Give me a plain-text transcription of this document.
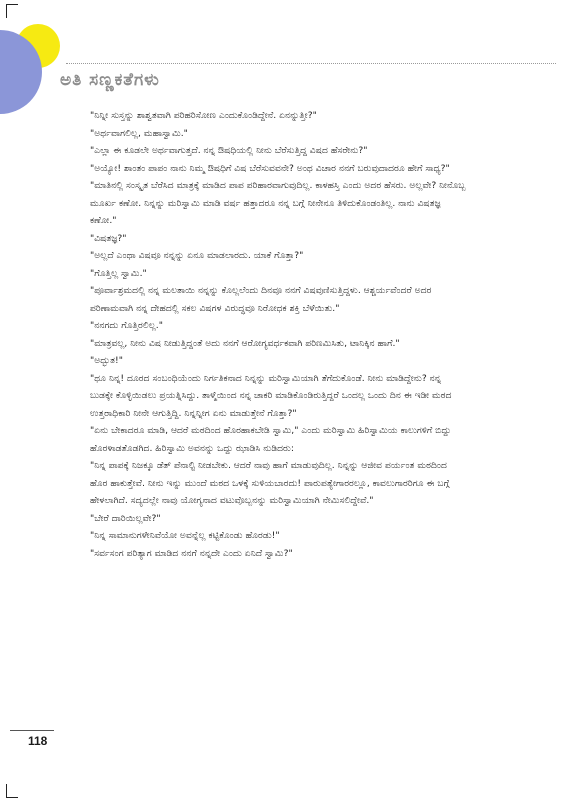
ಅತಿ ಸಣ್ಣಕತೆಗಳು

"ನಿನ್ನೀ ಸುಸ್ತನ್ನು ಶಾಶ್ವತವಾಗಿ ಪರಿಹರಿಸೋಣ ಎಂದುಕೊಂಡಿದ್ದೇನೆ. ಏನನ್ನುತ್ತೀ?"

"ಅರ್ಥವಾಗಲಿಲ್ಲ, ಮಹಾಸ್ವಾಮಿ."

"ಎಲ್ಲಾ ಈ ಕೂಡಲೇ ಅರ್ಥವಾಗುತ್ತದೆ. ನನ್ನ ಔಷಧಿಯಲ್ಲಿ ನೀನು ಬೆರೆಸುತ್ತಿದ್ದ ವಿಷದ ಹೆಸರೇನು?"

"ಅಯ್ಯೋ! ಶಾಂತಂ ಪಾಪಂ ನಾನು ನಿಮ್ಮ ಔಷಧಿಗೆ ವಿಷ ಬೆರೆಸುವವನೇ? ಅಂಥ ವಿಚಾರ ನನಗೆ ಬರುವುದಾದರೂ ಹೇಗೆ ಸಾಧ್ಯ?"

"ಮಾತಿನಲ್ಲಿ ಸಂಸ್ಕೃತ ಬೆರೆಸಿದ ಮಾತ್ರಕ್ಕೆ ಮಾಡಿದ ಪಾಪ ಪರಿಹಾರವಾಗುವುದಿಲ್ಲ. ಕಾಳಹಸ್ತಿ ಎಂದು ಅದರ ಹೆಸರು. ಅಲ್ಲವೇ? ನೀನೊಬ್ಬ ಮೂರ್ಖ ಕಣೋ. ನಿನ್ನನ್ನು ಮರಿಸ್ವಾಮಿ ಮಾಡಿ ವರ್ಷ ಹತ್ತಾದರೂ ನನ್ನ ಬಗ್ಗೆ ನೀನೇನೂ ತಿಳಿದುಕೊಂಡಂತಿಲ್ಲ. ನಾನು ವಿಷತಜ್ಞ ಕಣೋ."

"ವಿಷತಜ್ಞ?"

"ಅಲ್ಲದೆ ಎಂಥಾ ವಿಷವೂ ನನ್ನನ್ನು ಏನೂ ಮಾಡಲಾರದು. ಯಾಕೆ ಗೊತ್ತಾ?"

"ಗೊತ್ತಿಲ್ಲ ಸ್ವಾಮಿ."

"ಪೂರ್ವಾಶ್ರಮದಲ್ಲಿ ನನ್ನ ಮಲತಾಯಿ ನನ್ನನ್ನು ಕೊಲ್ಲಲೆಂದು ದಿನವೂ ನನಗೆ ವಿಷವುಣಿಸುತ್ತಿದ್ದಳು. ಆಶ್ಚರ್ಯವೆಂದರೆ ಅದರ ಪರಿಣಾಮವಾಗಿ ನನ್ನ ದೇಹದಲ್ಲಿ ಸಕಲ ವಿಷಗಳ ವಿರುದ್ಧವೂ ನಿರೋಧಕ ಶಕ್ತಿ ಬೆಳೆಯಿತು."

"ನನಗದು ಗೊತ್ತಿರಲಿಲ್ಲ."

"ಮಾತ್ರವಲ್ಲ, ನೀನು ವಿಷ ನೀಡುತ್ತಿದ್ದಂತೆ ಅದು ನನಗೆ ಆರೋಗ್ಯವರ್ಧಕವಾಗಿ ಪರಿಣಮಿಸಿತು, ಟಾನಿಕ್ಕಿನ ಹಾಗೆ."

"ಅದ್ಭುತ!"

"ಥೂ ನಿನ್ನ! ದೂರದ ಸಂಬಂಧಿಯೆಂದು ನಿರ್ಗತಿಕನಾದ ನಿನ್ನನ್ನು ಮರಿಸ್ವಾಮಿಯಾಗಿ ತೆಗೆದುಕೊಂಡೆ. ನೀನು ಮಾಡಿದ್ದೇನು? ನನ್ನ ಬುಡಕ್ಕೇ ಕೊಳ್ಳಿಯಿಡಲು ಪ್ರಯತ್ನಿಸಿದ್ದು. ತಾಳ್ಮೆಯಿಂದ ನನ್ನ ಚಾಕರಿ ಮಾಡಿಕೊಂಡಿರುತ್ತಿದ್ದರೆ ಒಂದಲ್ಲ ಒಂದು ದಿನ ಈ ಇಡೀ ಮಠದ ಉತ್ತರಾಧಿಕಾರಿ ನೀನೇ ಆಗುತ್ತಿದ್ದಿ. ನಿನ್ನನ್ನೀಗ ಏನು ಮಾಡುತ್ತೇನೆ ಗೊತ್ತಾ?"

"ಏನು ಬೇಕಾದರೂ ಮಾಡಿ, ಆದರೆ ಮಠದಿಂದ ಹೊರಹಾಕಬೇಡಿ ಸ್ವಾಮಿ," ಎಂದು ಮರಿಸ್ವಾಮಿ ಹಿರಿಸ್ವಾಮಿಯ ಕಾಲುಗಳಿಗೆ ಬಿದ್ದು ಹೊರಳಾಡತೊಡಗಿದ. ಹಿರಿಸ್ವಾಮಿ ಅವನನ್ನು ಒದ್ದು ಝಾಡಿಸಿ ನುಡಿದರು:

"ನಿನ್ನ ಪಾಪಕ್ಕೆ ನಿಜಕ್ಕೂ ಡೆತ್ ಪೆನಾಲ್ಟಿ ನೀಡಬೇಕು. ಆದರೆ ನಾವು ಹಾಗೆ ಮಾಡುವುದಿಲ್ಲ. ನಿನ್ನನ್ನು ಆಜೀವ ಪರ್ಯಂತ ಮಠದಿಂದ ಹೊರ ಹಾಕುತ್ತೇವೆ. ನೀನು ಇನ್ನು ಮುಂದೆ ಮಠದ ಒಳಕ್ಕೆ ಸುಳಿಯಬಾರದು! ಪಾರುಪತ್ಯೇಗಾರರಲ್ಲೂ, ಕಾವಲುಗಾರರಿಗೂ ಈ ಬಗ್ಗೆ ಹೇಳಲಾಗಿದೆ. ಸದ್ಯದಲ್ಲೇ ನಾವು ಯೋಗ್ಯನಾದ ವಟುವೊಬ್ಬನನ್ನು ಮರಿಸ್ವಾಮಿಯಾಗಿ ನೇಮಿಸಲಿದ್ದೇವೆ."

"ಬೇರೆ ದಾರಿಯಿಲ್ಲವೇ?"

"ನಿನ್ನ ಸಾಮಾನುಗಳೇನಿವೆಯೋ ಅವನ್ನೆಲ್ಲ ಕಟ್ಟಿಕೊಂಡು ಹೊರಡು!"

"ಸರ್ವಸಂಗ ಪರಿತ್ಯಾಗ ಮಾಡಿದ ನನಗೆ ನನ್ನದೇ ಎಂದು ಏನಿದೆ ಸ್ವಾಮಿ?"

118
